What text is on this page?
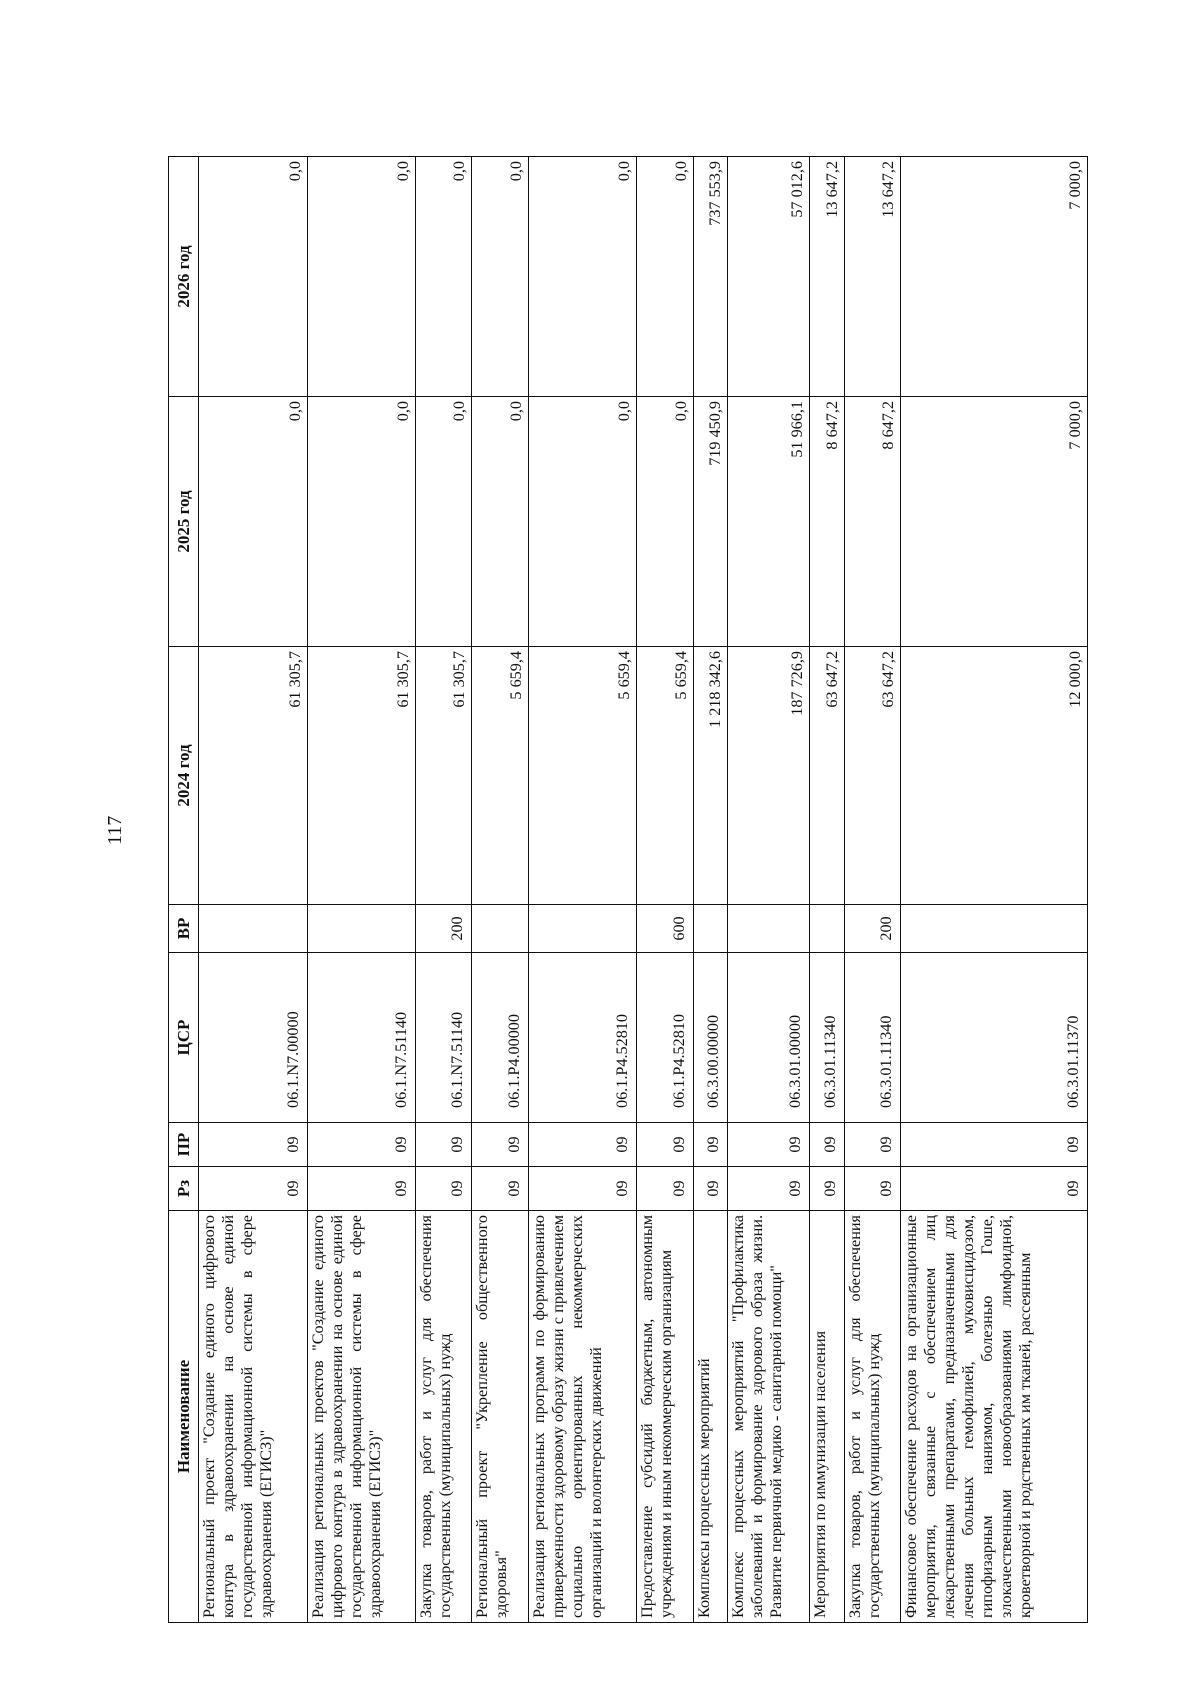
117
Наименование	Рз	ПР	ЦСР	ВР	2024 год	2025 год	2026 год
Региональный проект "Создание единого цифрового контура в здравоохранении на основе единой государственной информационной системы в сфере здравоохранения (ЕГИСЗ)"	09	09	06.1.N7.00000		61 305,7	0,0	0,0
Реализация региональных проектов "Создание единого цифрового контура в здравоохранении на основе единой государственной информационной системы в сфере здравоохранения (ЕГИСЗ)"	09	09	06.1.N7.51140		61 305,7	0,0	0,0
Закупка товаров, работ и услуг для обеспечения государственных (муниципальных) нужд	09	09	06.1.N7.51140	200	61 305,7	0,0	0,0
Региональный проект "Укрепление общественного здоровья"	09	09	06.1.P4.00000		5 659,4	0,0	0,0
Реализация региональных программ по формированию приверженности здоровому образу жизни с привлечением социально ориентированных некоммерческих организаций и волонтерских движений	09	09	06.1.P4.52810		5 659,4	0,0	0,0
Предоставление субсидий бюджетным, автономным учреждениям и иным некоммерческим организациям	09	09	06.1.P4.52810	600	5 659,4	0,0	0,0
Комплексы процессных мероприятий	09	09	06.3.00.00000		1 218 342,6	719 450,9	737 553,9
Комплекс процессных мероприятий "Профилактика заболеваний и формирование здорового образа жизни. Развитие первичной медико - санитарной помощи"	09	09	06.3.01.00000		187 726,9	51 966,1	57 012,6
Мероприятия по иммунизации населения	09	09	06.3.01.11340		63 647,2	8 647,2	13 647,2
Закупка товаров, работ и услуг для обеспечения государственных (муниципальных) нужд	09	09	06.3.01.11340	200	63 647,2	8 647,2	13 647,2
Финансовое обеспечение расходов на организационные мероприятия, связанные с обеспечением лиц лекарственными препаратами, предназначенными для лечения больных гемофилией, муковисцидозом, гипофизарным нанизмом, болезнью Гоше, злокачественными новообразованиями лимфоидной, кроветворной и родственных им тканей, рассеянным	09	09	06.3.01.11370		12 000,0	7 000,0	7 000,0
